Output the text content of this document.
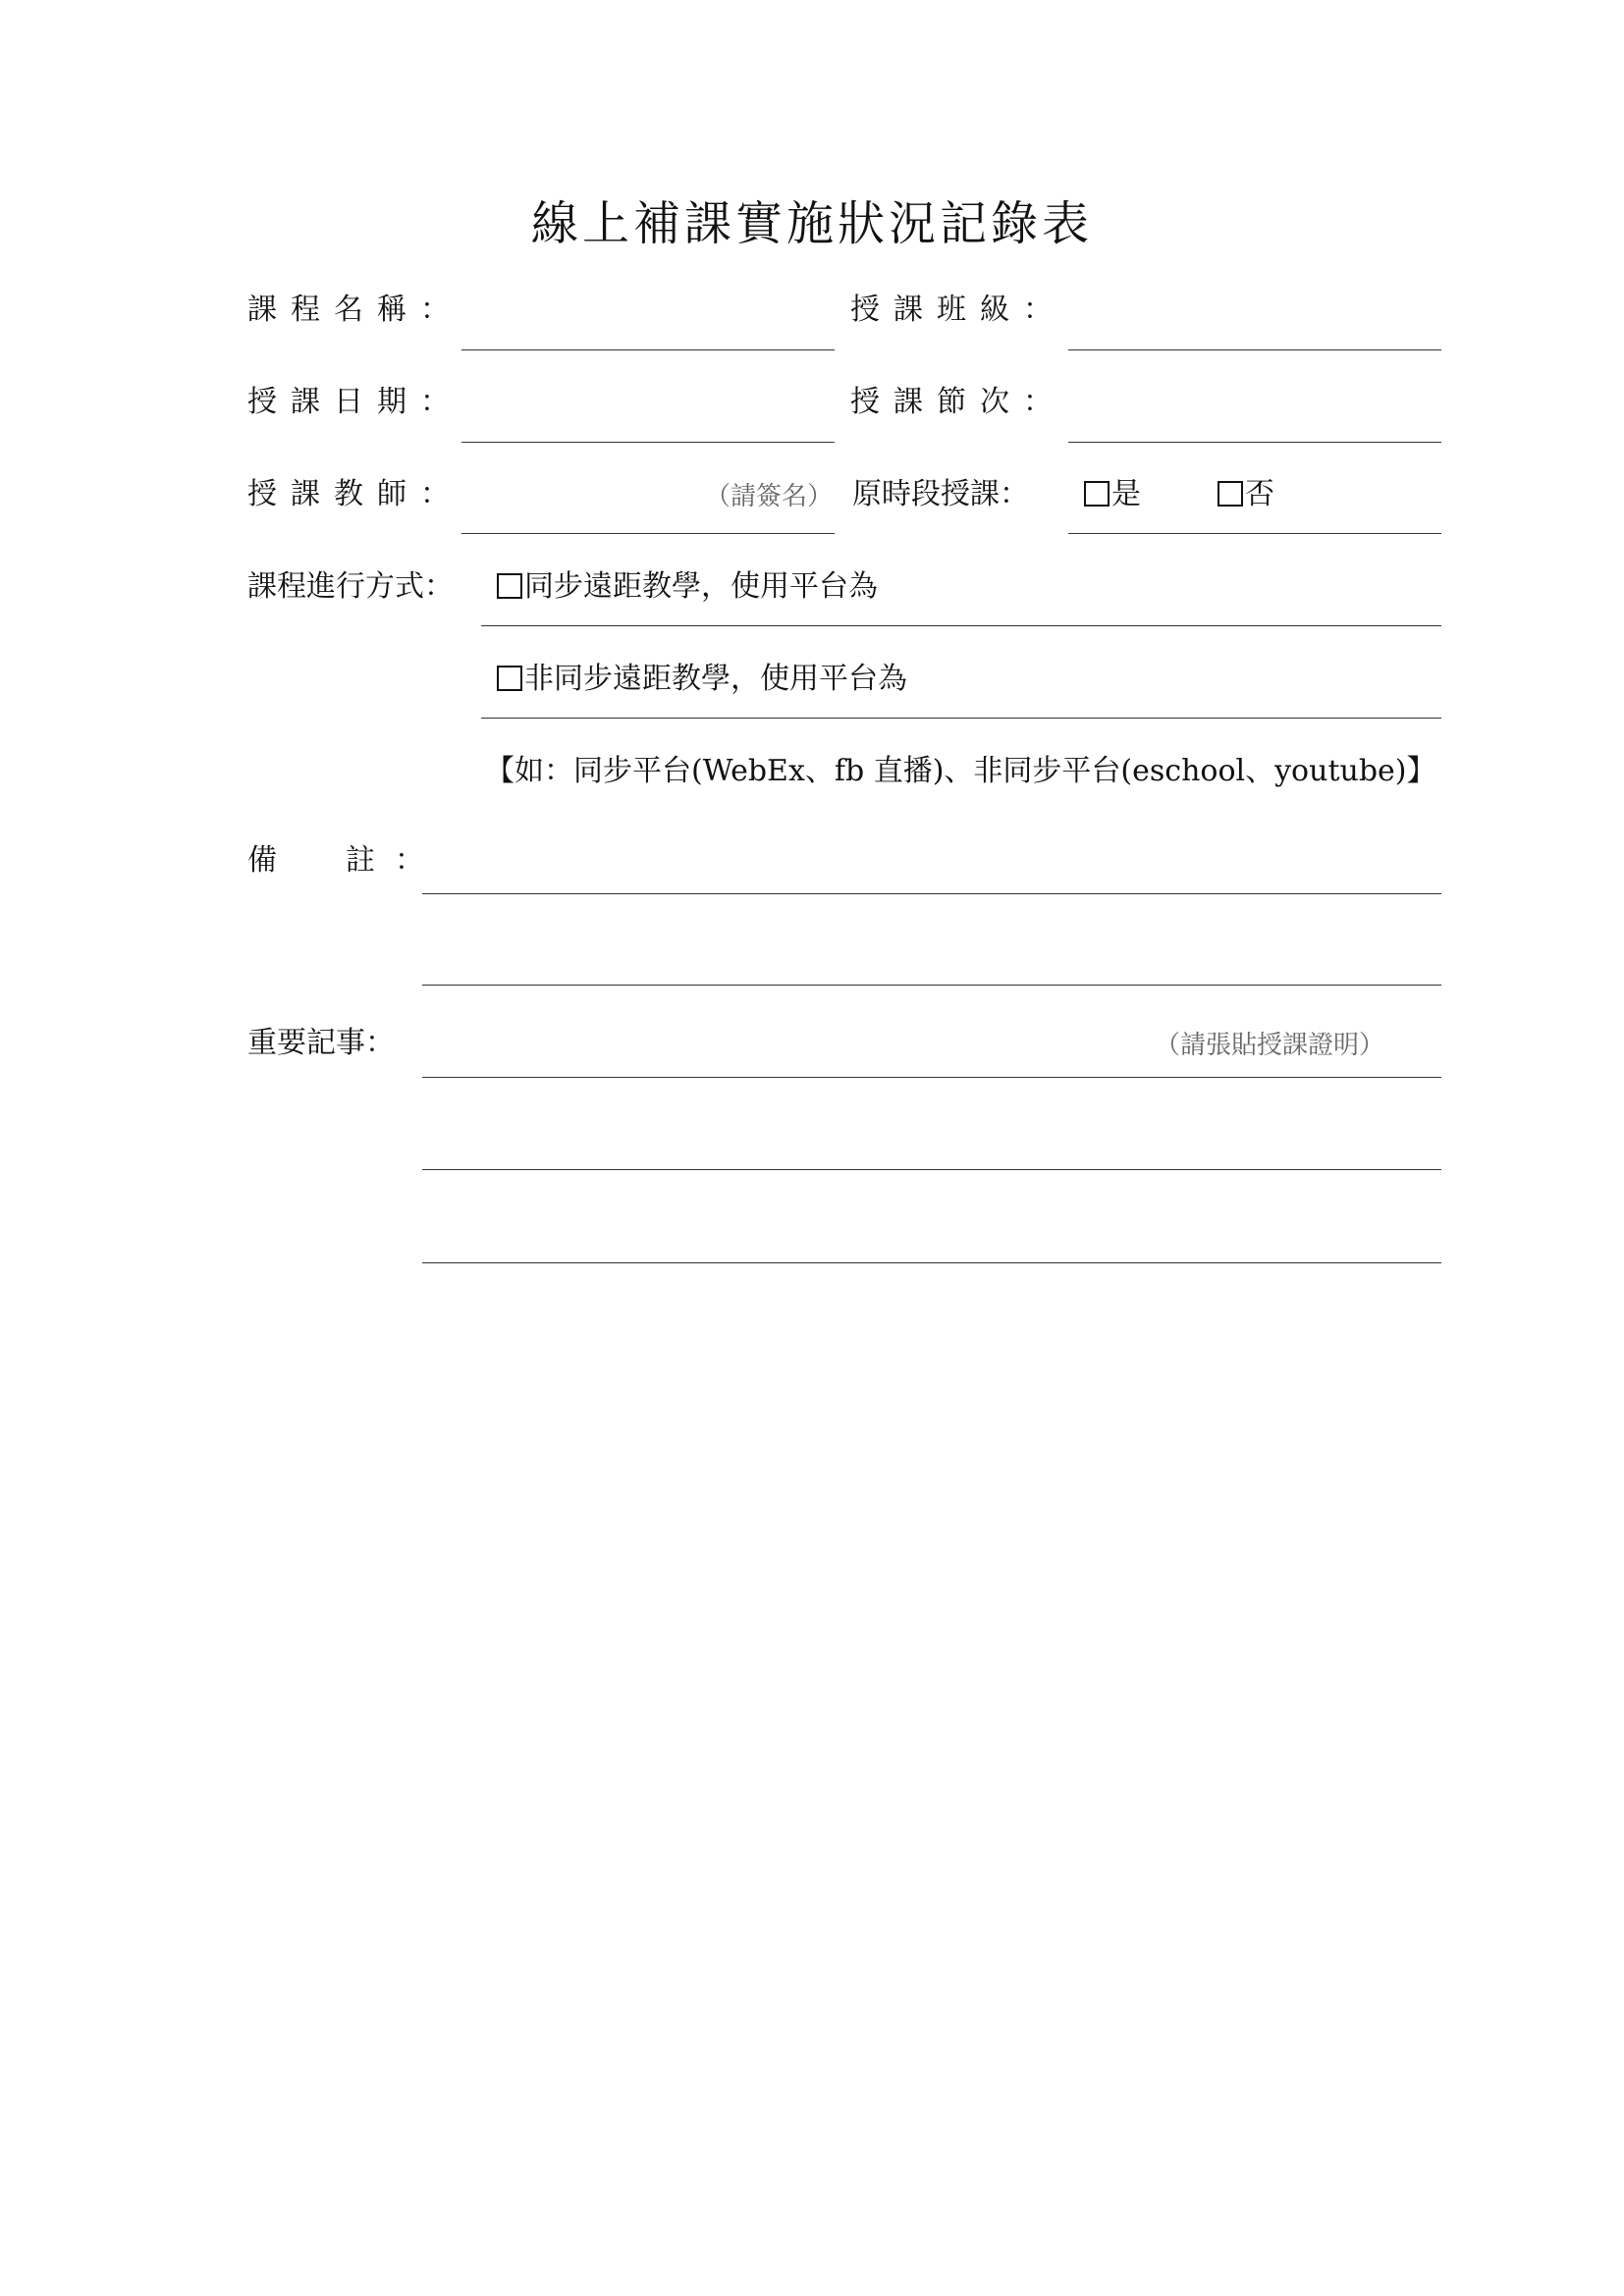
線上補課實施狀況記錄表
課程名稱：	授課班級：
授課日期：	授課節次：
授課教師：	（請簽名） 原時段授課：	是	否
課程進行方式：	同步遠距教學，使用平台為
非同步遠距教學，使用平台為
【如：同步平台(WebEx、fb 直播)、非同步平台(eschool、youtube)】
備　註：
重要記事：	（請張貼授課證明）
